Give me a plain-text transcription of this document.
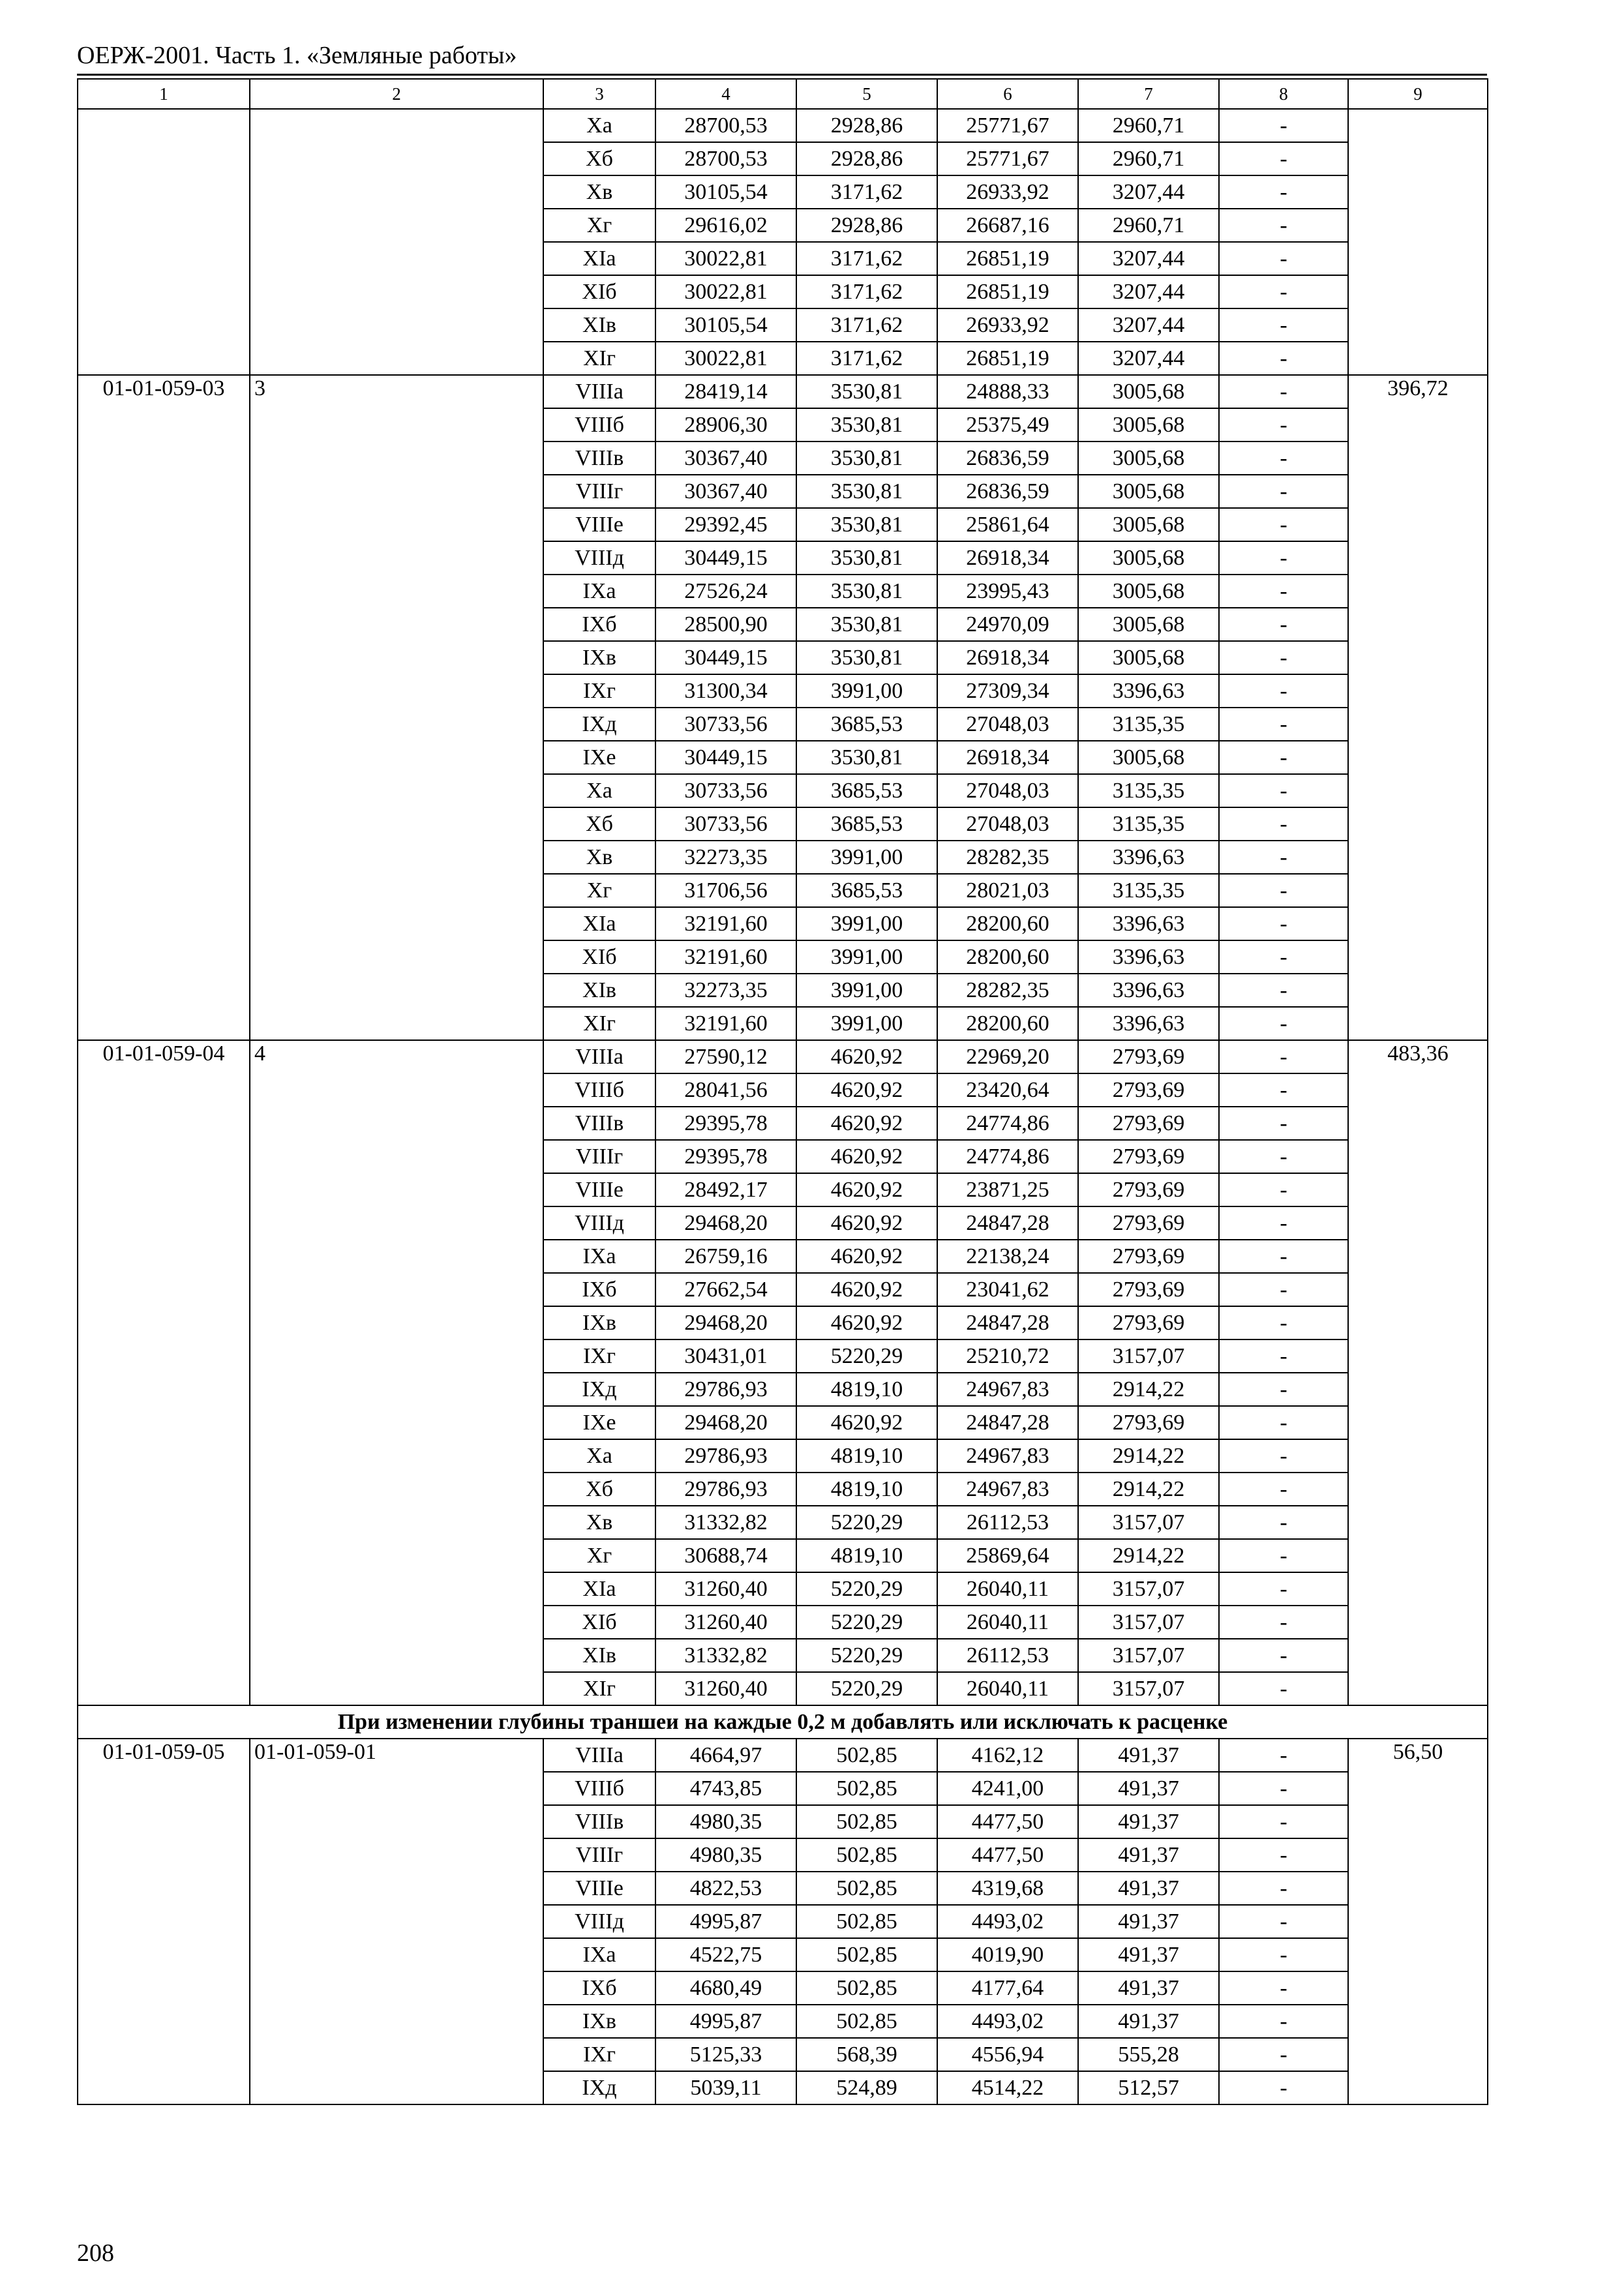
ОЕРЖ-2001. Часть 1. «Земляные работы»
1	2	3	4	5	6	7	8	9
		Xa	28700,53	2928,86	25771,67	2960,71	-	
		Xб	28700,53	2928,86	25771,67	2960,71	-	
		Xв	30105,54	3171,62	26933,92	3207,44	-	
		Xг	29616,02	2928,86	26687,16	2960,71	-	
		XIa	30022,81	3171,62	26851,19	3207,44	-	
		XIб	30022,81	3171,62	26851,19	3207,44	-	
		XIв	30105,54	3171,62	26933,92	3207,44	-	
		XIг	30022,81	3171,62	26851,19	3207,44	-	
01-01-059-03	3	VIIIa	28419,14	3530,81	24888,33	3005,68	-	396,72
		VIIIб	28906,30	3530,81	25375,49	3005,68	-	
		VIIIв	30367,40	3530,81	26836,59	3005,68	-	
		VIIIг	30367,40	3530,81	26836,59	3005,68	-	
		VIIIе	29392,45	3530,81	25861,64	3005,68	-	
		VIIIд	30449,15	3530,81	26918,34	3005,68	-	
		IXa	27526,24	3530,81	23995,43	3005,68	-	
		IXб	28500,90	3530,81	24970,09	3005,68	-	
		IXв	30449,15	3530,81	26918,34	3005,68	-	
		IXг	31300,34	3991,00	27309,34	3396,63	-	
		IXд	30733,56	3685,53	27048,03	3135,35	-	
		IXе	30449,15	3530,81	26918,34	3005,68	-	
		Xa	30733,56	3685,53	27048,03	3135,35	-	
		Xб	30733,56	3685,53	27048,03	3135,35	-	
		Xв	32273,35	3991,00	28282,35	3396,63	-	
		Xг	31706,56	3685,53	28021,03	3135,35	-	
		XIa	32191,60	3991,00	28200,60	3396,63	-	
		XIб	32191,60	3991,00	28200,60	3396,63	-	
		XIв	32273,35	3991,00	28282,35	3396,63	-	
		XIг	32191,60	3991,00	28200,60	3396,63	-	
01-01-059-04	4	VIIIa	27590,12	4620,92	22969,20	2793,69	-	483,36
		VIIIб	28041,56	4620,92	23420,64	2793,69	-	
		VIIIв	29395,78	4620,92	24774,86	2793,69	-	
		VIIIг	29395,78	4620,92	24774,86	2793,69	-	
		VIIIе	28492,17	4620,92	23871,25	2793,69	-	
		VIIIд	29468,20	4620,92	24847,28	2793,69	-	
		IXa	26759,16	4620,92	22138,24	2793,69	-	
		IXб	27662,54	4620,92	23041,62	2793,69	-	
		IXв	29468,20	4620,92	24847,28	2793,69	-	
		IXг	30431,01	5220,29	25210,72	3157,07	-	
		IXд	29786,93	4819,10	24967,83	2914,22	-	
		IXе	29468,20	4620,92	24847,28	2793,69	-	
		Xa	29786,93	4819,10	24967,83	2914,22	-	
		Xб	29786,93	4819,10	24967,83	2914,22	-	
		Xв	31332,82	5220,29	26112,53	3157,07	-	
		Xг	30688,74	4819,10	25869,64	2914,22	-	
		XIa	31260,40	5220,29	26040,11	3157,07	-	
		XIб	31260,40	5220,29	26040,11	3157,07	-	
		XIв	31332,82	5220,29	26112,53	3157,07	-	
		XIг	31260,40	5220,29	26040,11	3157,07	-	
При изменении глубины траншеи на каждые 0,2 м добавлять или исключать к расценке								
01-01-059-05	01-01-059-01	VIIIa	4664,97	502,85	4162,12	491,37	-	56,50
		VIIIб	4743,85	502,85	4241,00	491,37	-	
		VIIIв	4980,35	502,85	4477,50	491,37	-	
		VIIIг	4980,35	502,85	4477,50	491,37	-	
		VIIIе	4822,53	502,85	4319,68	491,37	-	
		VIIIд	4995,87	502,85	4493,02	491,37	-	
		IXa	4522,75	502,85	4019,90	491,37	-	
		IXб	4680,49	502,85	4177,64	491,37	-	
		IXв	4995,87	502,85	4493,02	491,37	-	
		IXг	5125,33	568,39	4556,94	555,28	-	
		IXд	5039,11	524,89	4514,22	512,57	-	
208
